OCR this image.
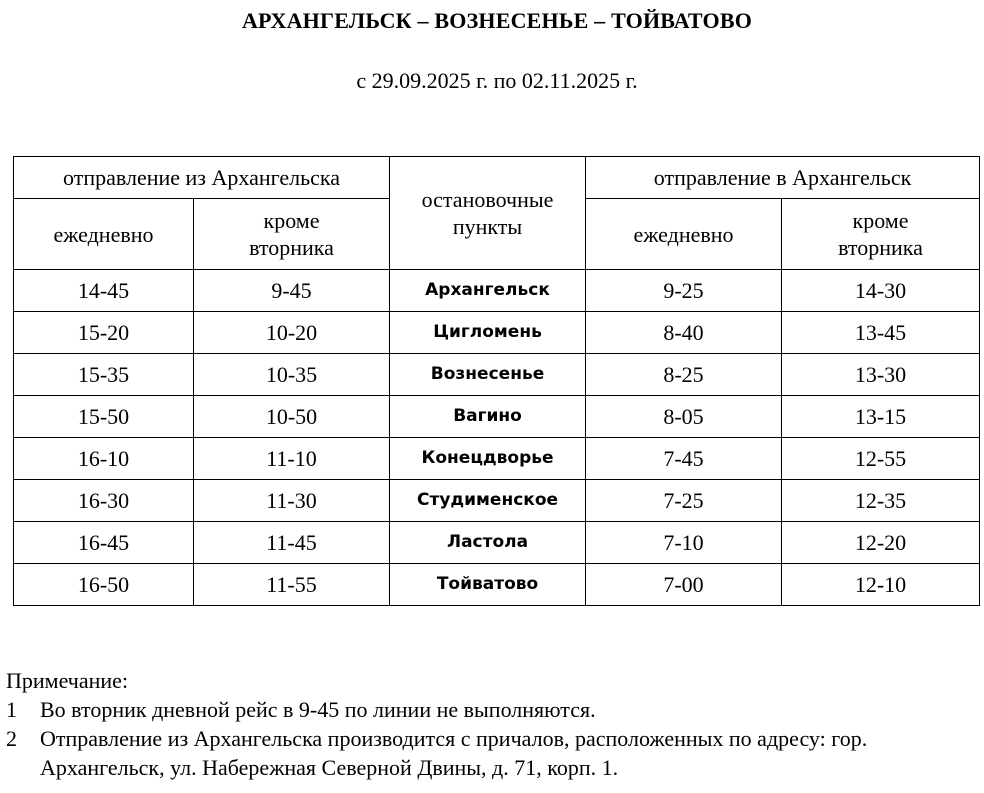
АРХАНГЕЛЬСК – ВОЗНЕСЕНЬЕ – ТОЙВАТОВО
с 29.09.2025 г. по 02.11.2025 г.
отправление из Архангельска		остановочные пункты	отправление в Архангельск	
ежедневно	кроме вторника		ежедневно	кроме вторника
14-45	9-45	Архангельск	9-25	14-30
15-20	10-20	Цигломень	8-40	13-45
15-35	10-35	Вознесенье	8-25	13-30
15-50	10-50	Вагино	8-05	13-15
16-10	11-10	Конецдворье	7-45	12-55
16-30	11-30	Студименское	7-25	12-35
16-45	11-45	Ластола	7-10	12-20
16-50	11-55	Тойватово	7-00	12-10
Примечание:
1	Во вторник дневной рейс в 9-45 по линии не выполняются.
2	Отправление из Архангельска производится с причалов, расположенных по адресу: гор. Архангельск, ул. Набережная Северной Двины, д. 71, корп. 1.
